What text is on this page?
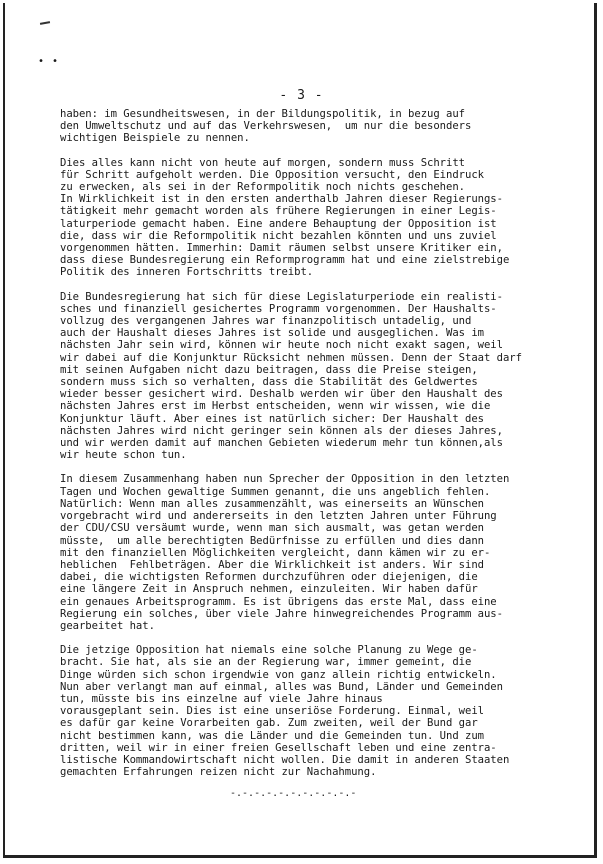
• •
- 3 -
haben: im Gesundheitswesen, in der Bildungspolitik, in bezug auf
den Umweltschutz und auf das Verkehrswesen,  um nur die besonders
wichtigen Beispiele zu nennen.
Dies alles kann nicht von heute auf morgen, sondern muss Schritt
für Schritt aufgeholt werden. Die Opposition versucht, den Eindruck
zu erwecken, als sei in der Reformpolitik noch nichts geschehen.
In Wirklichkeit ist in den ersten anderthalb Jahren dieser Regierungs-
tätigkeit mehr gemacht worden als frühere Regierungen in einer Legis-
laturperiode gemacht haben. Eine andere Behauptung der Opposition ist
die, dass wir die Reformpolitik nicht bezahlen könnten und uns zuviel
vorgenommen hätten. Immerhin: Damit räumen selbst unsere Kritiker ein,
dass diese Bundesregierung ein Reformprogramm hat und eine zielstrebige
Politik des inneren Fortschritts treibt.
Die Bundesregierung hat sich für diese Legislaturperiode ein realisti-
sches und finanziell gesichertes Programm vorgenommen. Der Haushalts-
vollzug des vergangenen Jahres war finanzpolitisch untadelig, und
auch der Haushalt dieses Jahres ist solide und ausgeglichen. Was im
nächsten Jahr sein wird, können wir heute noch nicht exakt sagen, weil
wir dabei auf die Konjunktur Rücksicht nehmen müssen. Denn der Staat darf
mit seinen Aufgaben nicht dazu beitragen, dass die Preise steigen,
sondern muss sich so verhalten, dass die Stabilität des Geldwertes
wieder besser gesichert wird. Deshalb werden wir über den Haushalt des
nächsten Jahres erst im Herbst entscheiden, wenn wir wissen, wie die
Konjunktur läuft. Aber eines ist natürlich sicher: Der Haushalt des
nächsten Jahres wird nicht geringer sein können als der dieses Jahres,
und wir werden damit auf manchen Gebieten wiederum mehr tun können,als
wir heute schon tun.
In diesem Zusammenhang haben nun Sprecher der Opposition in den letzten
Tagen und Wochen gewaltige Summen genannt, die uns angeblich fehlen.
Natürlich: Wenn man alles zusammenzählt, was einerseits an Wünschen
vorgebracht wird und andererseits in den letzten Jahren unter Führung
der CDU/CSU versäumt wurde, wenn man sich ausmalt, was getan werden
müsste,  um alle berechtigten Bedürfnisse zu erfüllen und dies dann
mit den finanziellen Möglichkeiten vergleicht, dann kämen wir zu er-
heblichen  Fehlbeträgen. Aber die Wirklichkeit ist anders. Wir sind
dabei, die wichtigsten Reformen durchzuführen oder diejenigen, die
eine längere Zeit in Anspruch nehmen, einzuleiten. Wir haben dafür
ein genaues Arbeitsprogramm. Es ist übrigens das erste Mal, dass eine
Regierung ein solches, über viele Jahre hinwegreichendes Programm aus-
gearbeitet hat.
Die jetzige Opposition hat niemals eine solche Planung zu Wege ge-
bracht. Sie hat, als sie an der Regierung war, immer gemeint, die
Dinge würden sich schon irgendwie von ganz allein richtig entwickeln.
Nun aber verlangt man auf einmal, alles was Bund, Länder und Gemeinden
tun, müsste bis ins einzelne auf viele Jahre hinaus
vorausgeplant sein. Dies ist eine unseriöse Forderung. Einmal, weil
es dafür gar keine Vorarbeiten gab. Zum zweiten, weil der Bund gar
nicht bestimmen kann, was die Länder und die Gemeinden tun. Und zum
dritten, weil wir in einer freien Gesellschaft leben und eine zentra-
listische Kommandowirtschaft nicht wollen. Die damit in anderen Staaten
gemachten Erfahrungen reizen nicht zur Nachahmung.
-.-.-.-.-.-.-.-.-.-.-
